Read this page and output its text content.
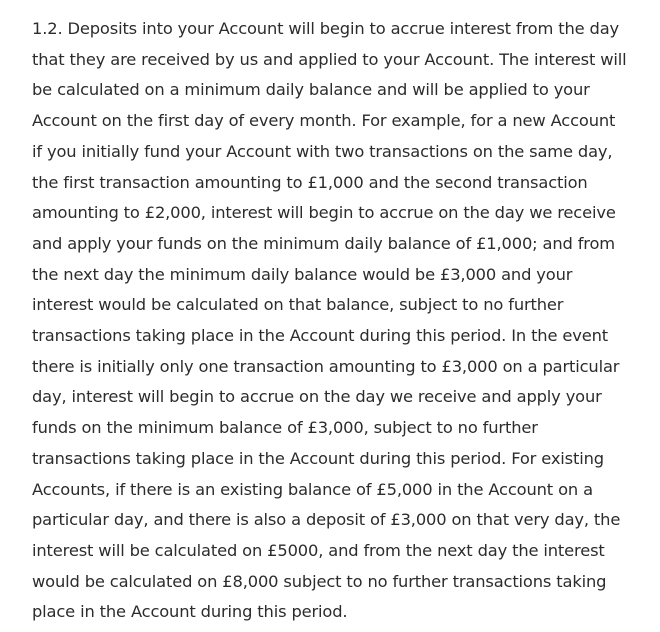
1.2. Deposits into your Account will begin to accrue interest from the day
that they are received by us and applied to your Account. The interest will
be calculated on a minimum daily balance and will be applied to your
Account on the first day of every month. For example, for a new Account
if you initially fund your Account with two transactions on the same day,
the first transaction amounting to £1,000 and the second transaction
amounting to £2,000, interest will begin to accrue on the day we receive
and apply your funds on the minimum daily balance of £1,000; and from
the next day the minimum daily balance would be £3,000 and your
interest would be calculated on that balance, subject to no further
transactions taking place in the Account during this period. In the event
there is initially only one transaction amounting to £3,000 on a particular
day, interest will begin to accrue on the day we receive and apply your
funds on the minimum balance of £3,000, subject to no further
transactions taking place in the Account during this period. For existing
Accounts, if there is an existing balance of £5,000 in the Account on a
particular day, and there is also a deposit of £3,000 on that very day, the
interest will be calculated on £5000, and from the next day the interest
would be calculated on £8,000 subject to no further transactions taking
place in the Account during this period.
